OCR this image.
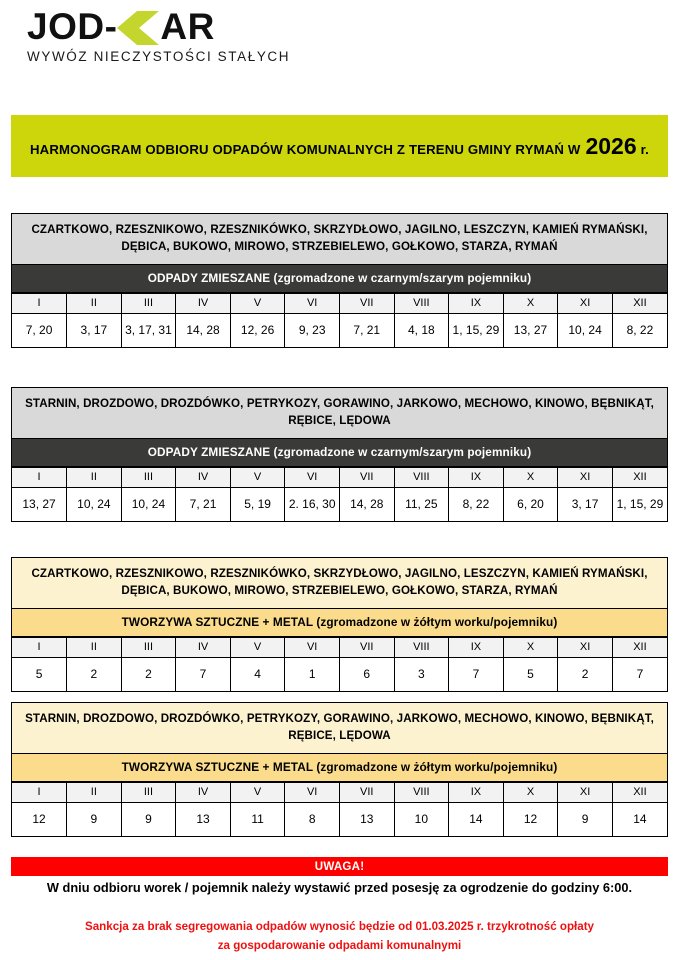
JOD- AR
WYWÓZ NIECZYSTOŚCI STAŁYCH
HARMONOGRAM ODBIORU ODPADÓW KOMUNALNYCH Z TERENU GMINY RYMAŃ W 2026 r.
CZARTKOWO, RZESZNIKOWO, RZESZNIKÓWKO, SKRZYDŁOWO, JAGILNO, LESZCZYN, KAMIEŃ RYMAŃSKI, DĘBICA, BUKOWO, MIROWO, STRZEBIELEWO, GOŁKOWO, STARZA, RYMAŃ
ODPADY ZMIESZANE (zgromadzone w czarnym/szarym pojemniku)
I	II	III	IV	V	VI	VII	VIII	IX	X	XI	XII
7, 20	3, 17	3, 17, 31	14, 28	12, 26	9, 23	7, 21	4, 18	1, 15, 29	13, 27	10, 24	8, 22
STARNIN, DROZDOWO, DROZDÓWKO, PETRYKOZY, GORAWINO, JARKOWO, MECHOWO, KINOWO, BĘBNIKĄT, RĘBICE, LĘDOWA
ODPADY ZMIESZANE (zgromadzone w czarnym/szarym pojemniku)
I	II	III	IV	V	VI	VII	VIII	IX	X	XI	XII
13, 27	10, 24	10, 24	7, 21	5, 19	2. 16, 30	14, 28	11, 25	8, 22	6, 20	3, 17	1, 15, 29
CZARTKOWO, RZESZNIKOWO, RZESZNIKÓWKO, SKRZYDŁOWO, JAGILNO, LESZCZYN, KAMIEŃ RYMAŃSKI, DĘBICA, BUKOWO, MIROWO, STRZEBIELEWO, GOŁKOWO, STARZA, RYMAŃ
TWORZYWA SZTUCZNE + METAL (zgromadzone w żółtym worku/pojemniku)
I	II	III	IV	V	VI	VII	VIII	IX	X	XI	XII
5	2	2	7	4	1	6	3	7	5	2	7
STARNIN, DROZDOWO, DROZDÓWKO, PETRYKOZY, GORAWINO, JARKOWO, MECHOWO, KINOWO, BĘBNIKĄT, RĘBICE, LĘDOWA
TWORZYWA SZTUCZNE + METAL (zgromadzone w żółtym worku/pojemniku)
I	II	III	IV	V	VI	VII	VIII	IX	X	XI	XII
12	9	9	13	11	8	13	10	14	12	9	14
UWAGA!
W dniu odbioru worek / pojemnik należy wystawić przed posesję za ogrodzenie do godziny 6:00.
Sankcja za brak segregowania odpadów wynosić będzie od 01.03.2025 r. trzykrotność opłaty
za gospodarowanie odpadami komunalnymi
